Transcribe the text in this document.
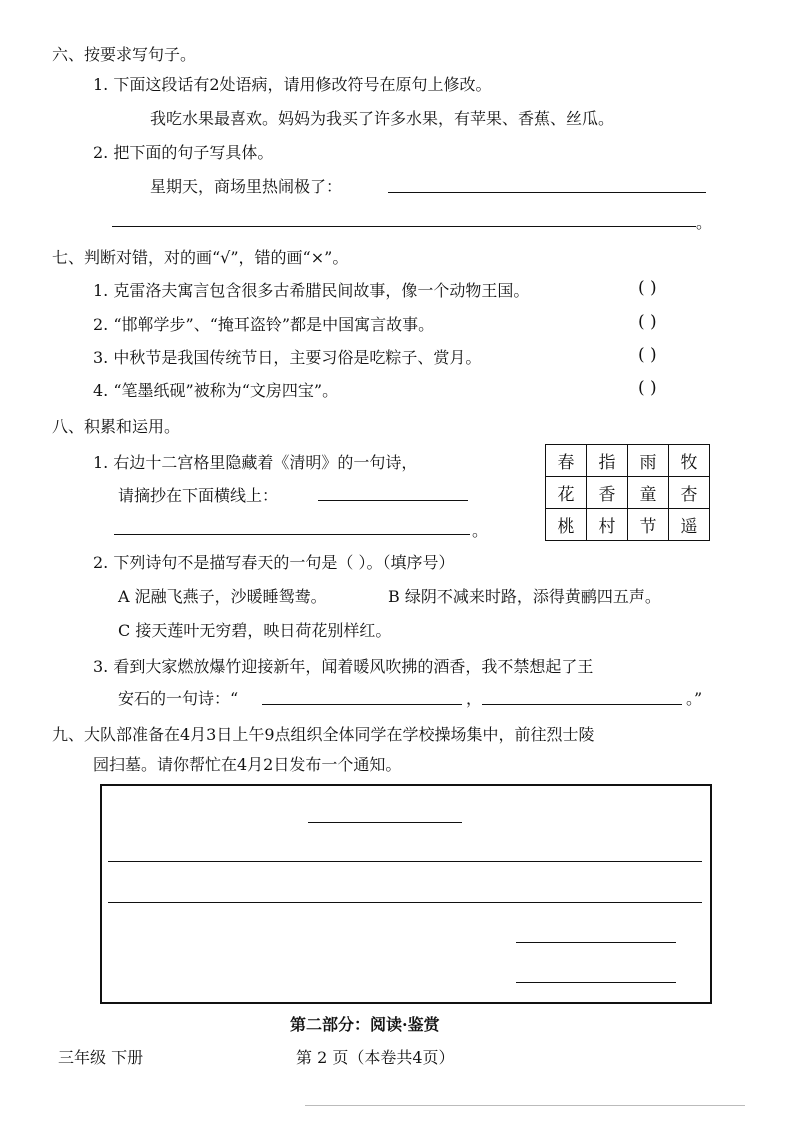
六、按要求写句子。
1. 下面这段话有2处语病，请用修改符号在原句上修改。
我吃水果最喜欢。妈妈为我买了许多水果，有苹果、香蕉、丝瓜。
2. 把下面的句子写具体。
星期天，商场里热闹极了：
。
七、判断对错，对的画“√”，错的画“×”。
1. 克雷洛夫寓言包含很多古希腊民间故事，像一个动物王国。	( )
2. “邯郸学步”、“掩耳盗铃”都是中国寓言故事。	( )
3. 中秋节是我国传统节日，主要习俗是吃粽子、赏月。	( )
4. “笔墨纸砚”被称为“文房四宝”。	( )
八、积累和运用。
1. 右边十二宫格里隐藏着《清明》的一句诗，
请摘抄在下面横线上：
。
春	指	雨	牧
花	香	童	杏
桃	村	节	遥
2. 下列诗句不是描写春天的一句是（ ）。（填序号）
A 泥融飞燕子，沙暖睡鸳鸯。	B 绿阴不减来时路，添得黄鹂四五声。
C 接天莲叶无穷碧，映日荷花别样红。
3. 看到大家燃放爆竹迎接新年，闻着暖风吹拂的酒香，我不禁想起了王
安石的一句诗：“	，	。”
九、大队部准备在4月3日上午9点组织全体同学在学校操场集中，前往烈士陵
园扫墓。请你帮忙在4月2日发布一个通知。
第二部分：阅读·鉴赏
三年级 下册	第 2 页（本卷共4页）
